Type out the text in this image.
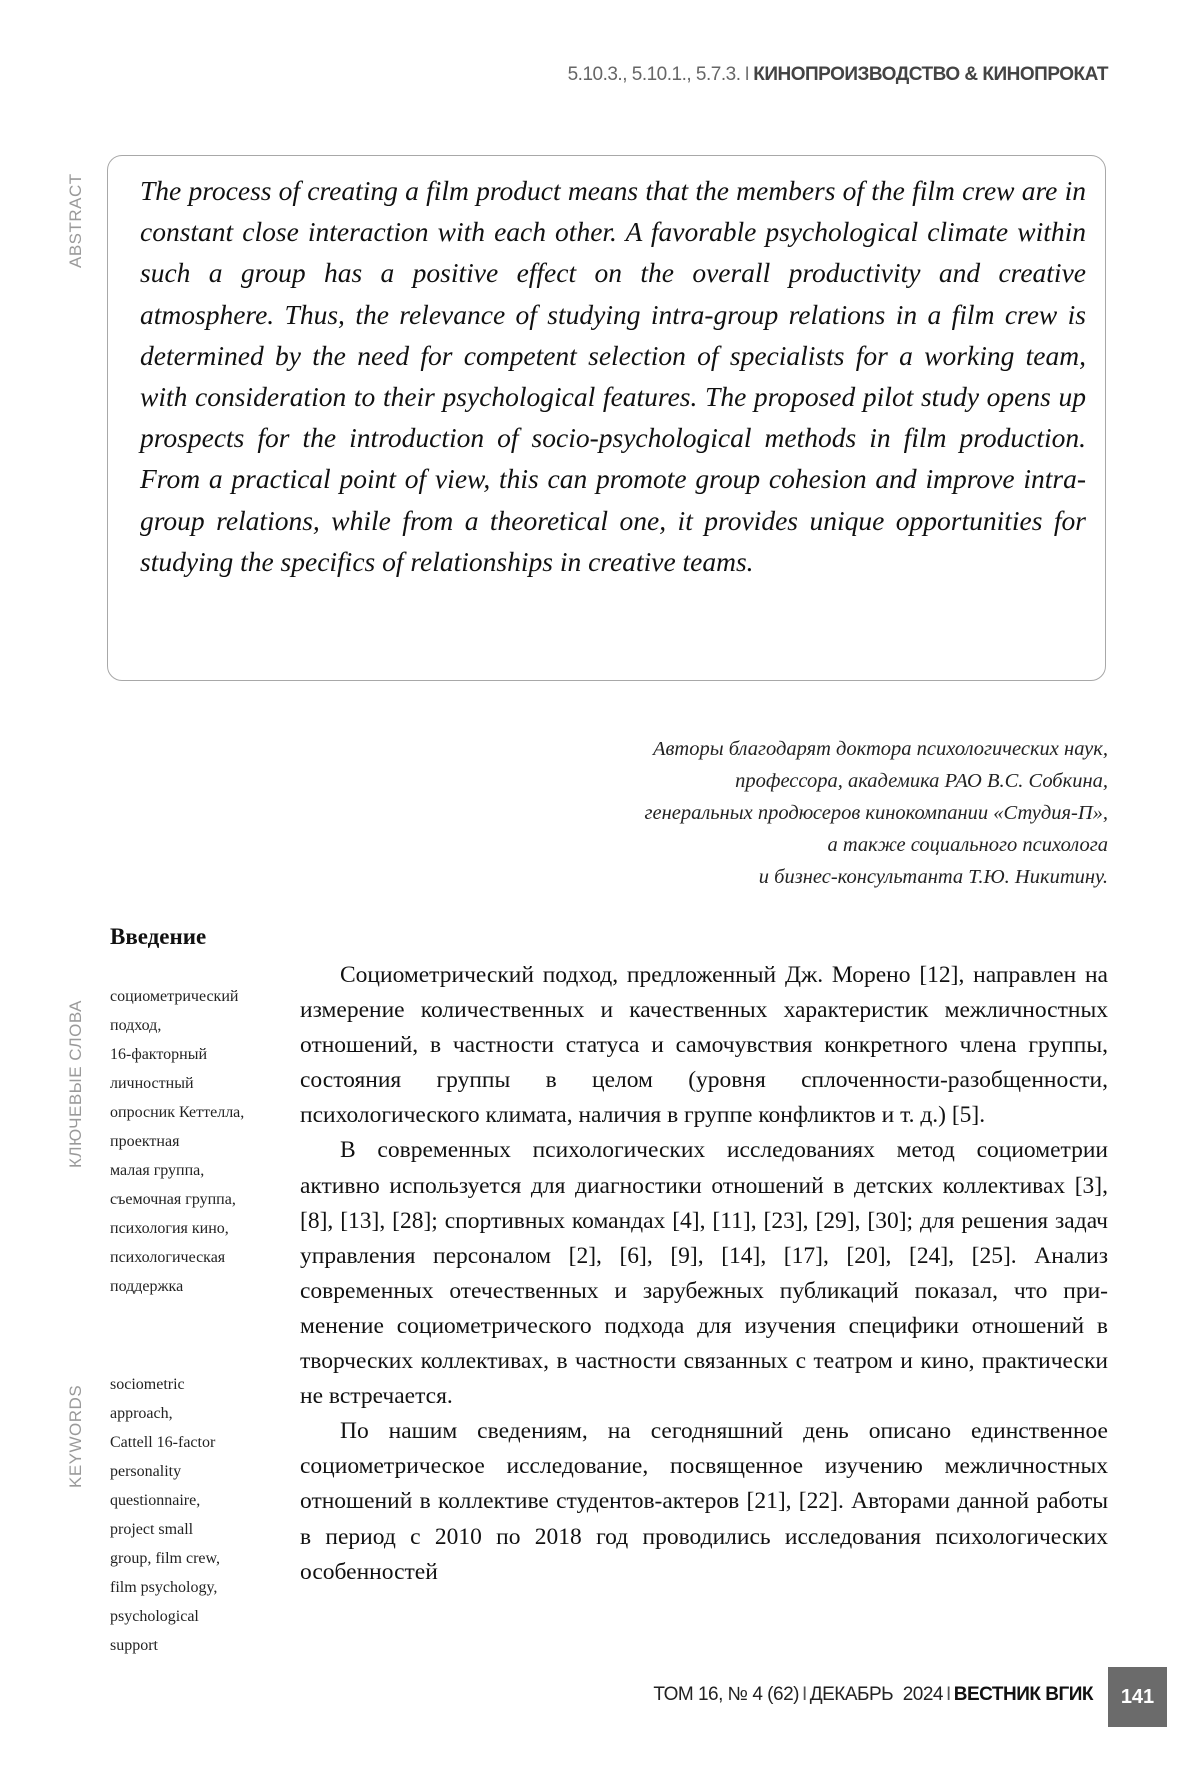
5.10.3., 5.10.1., 5.7.3. I КИНОПРОИЗВОДСТВО & КИНОПРОКАТ
ABSTRACT The process of creating a film product means that the members of the film crew are in constant close interaction with each other. A favorable psychological climate within such a group has a positive effect on the overall productivity and creative atmosphere. Thus, the relevance of studying intra-group relations in a film crew is determined by the need for competent selection of specialists for a working team, with consideration to their psychological features. The proposed pilot study opens up prospects for the introduction of socio-psychological methods in film production. From a practical point of view, this can promote group cohesion and improve intra-group relations, while from a theoretical one, it provides unique opportunities for studying the specifics of relationships in creative teams.
Авторы благодарят доктора психологических наук,
профессора, академика РАО В.С. Собкина,
генеральных продюсеров кинокомпании «Студия-П»,
а также социального психолога
и бизнес-консультанта Т.Ю. Никитину.
Введение
КЛЮЧЕВЫЕ СЛОВА
социометрический
подход,
16-факторный
личностный
опросник Кеттелла,
проектная
малая группа,
съемочная группа,
психология кино,
психологическая
поддержка
KEYWORDS
sociometric
approach,
Cattell 16-factor
personality
questionnaire,
project small
group, film crew,
film psychology,
psychological
support

Социометрический подход, предложенный Дж. Морено [12], направлен на измерение количественных и качественных характеристик межличностных отношений, в частности статуса и самочувствия конкретного члена группы, состояния группы в целом (уровня сплоченности-разобщенности, психологического климата, наличия в группе конфликтов и т. д.) [5].

В современных психологических исследованиях метод социометрии активно используется для диагностики отношений в детских коллективах [3], [8], [13], [28]; спортивных командах [4], [11], [23], [29], [30]; для решения задач управления персоналом [2], [6], [9], [14], [17], [20], [24], [25]. Анализ современных отечественных и зарубежных публикаций показал, что применение социометрического подхода для изучения специфики отношений в творческих коллективах, в частности связанных с театром и кино, практически не встречается.

По нашим сведениям, на сегодняшний день описано единственное социометрическое исследование, посвященное изучению межличностных отношений в коллективе студентов-актеров [21], [22]. Авторами данной работы в период с 2010 по 2018 год проводились исследования психологических особенностей

ТОМ 16, № 4 (62) I ДЕКАБРЬ  2024 I ВЕСТНИК ВГИК	141
